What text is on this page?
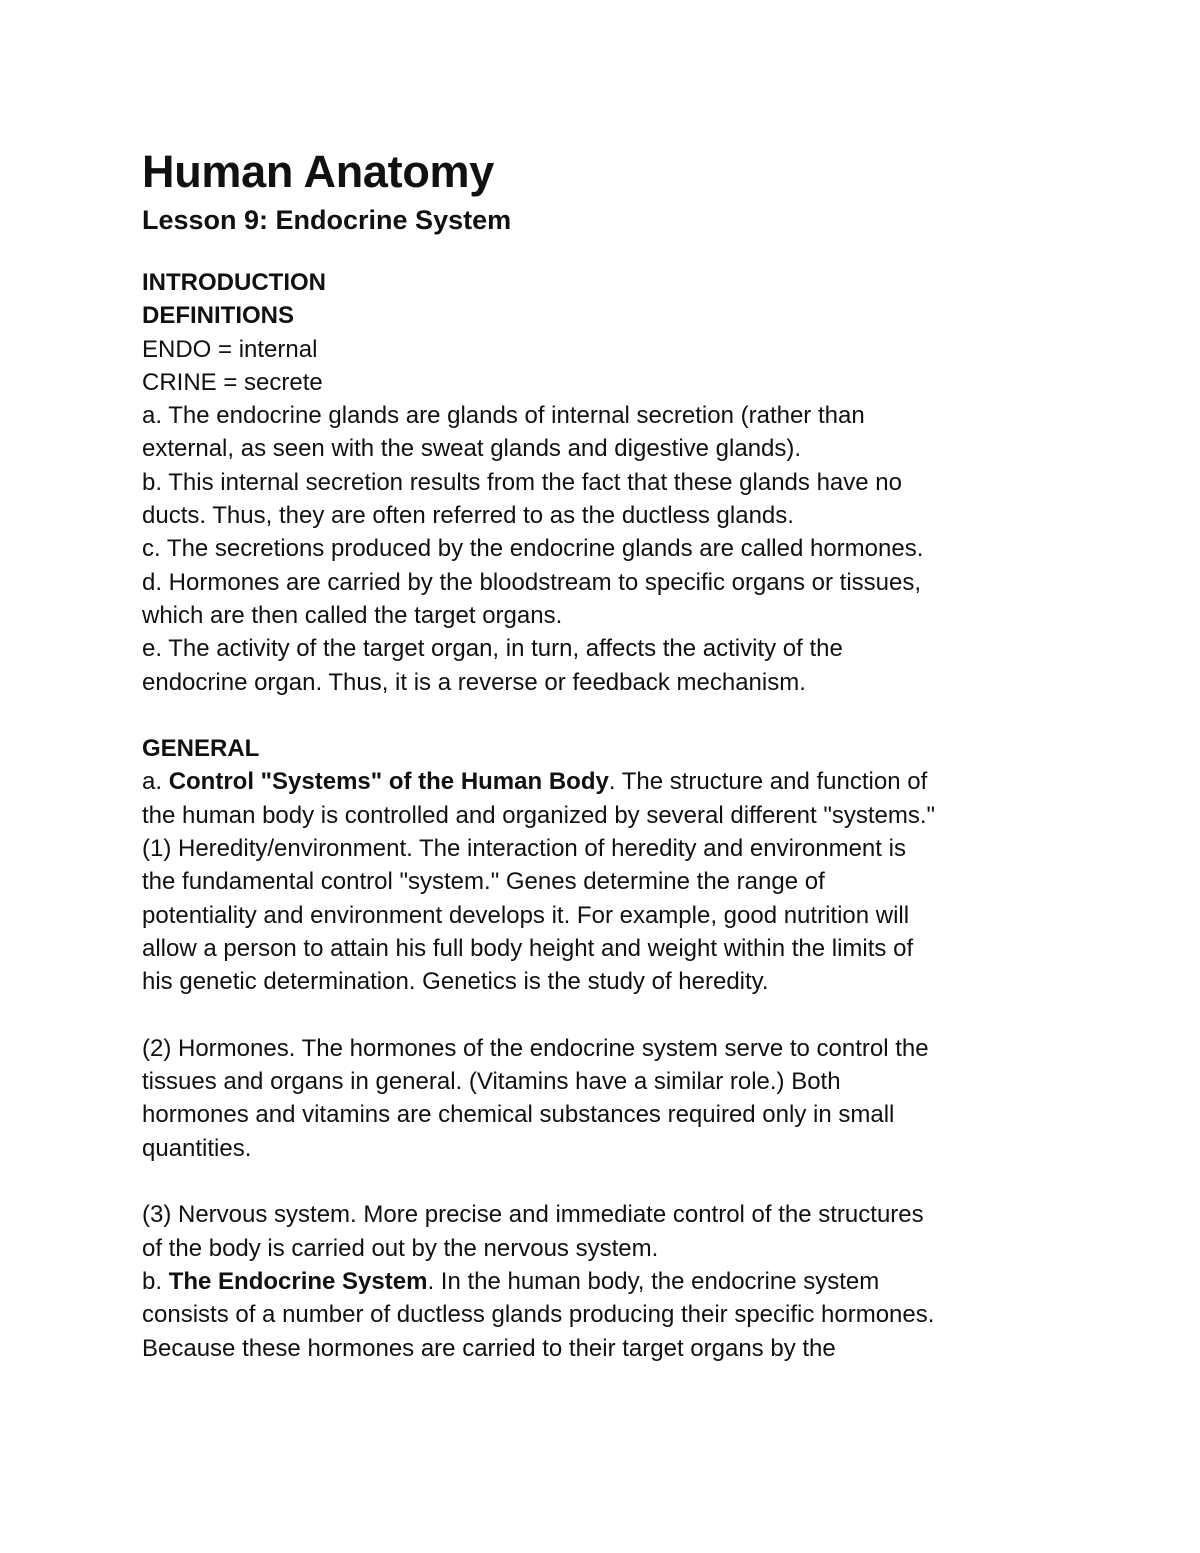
Human Anatomy
Lesson 9: Endocrine System

INTRODUCTION

DEFINITIONS

ENDO = internal

CRINE = secrete

a. The endocrine glands are glands of internal secretion (rather than

external, as seen with the sweat glands and digestive glands).

b. This internal secretion results from the fact that these glands have no

ducts. Thus, they are often referred to as the ductless glands.

c. The secretions produced by the endocrine glands are called hormones.

d. Hormones are carried by the bloodstream to specific organs or tissues,

which are then called the target organs.

e. The activity of the target organ, in turn, affects the activity of the

endocrine organ. Thus, it is a reverse or feedback mechanism.

GENERAL

a. Control "Systems" of the Human Body. The structure and function of

the human body is controlled and organized by several different "systems."

(1) Heredity/environment. The interaction of heredity and environment is

the fundamental control "system." Genes determine the range of

potentiality and environment develops it. For example, good nutrition will

allow a person to attain his full body height and weight within the limits of

his genetic determination. Genetics is the study of heredity.

(2) Hormones. The hormones of the endocrine system serve to control the

tissues and organs in general. (Vitamins have a similar role.) Both

hormones and vitamins are chemical substances required only in small

quantities.

(3) Nervous system. More precise and immediate control of the structures

of the body is carried out by the nervous system.

b. The Endocrine System. In the human body, the endocrine system

consists of a number of ductless glands producing their specific hormones.

Because these hormones are carried to their target organs by the
